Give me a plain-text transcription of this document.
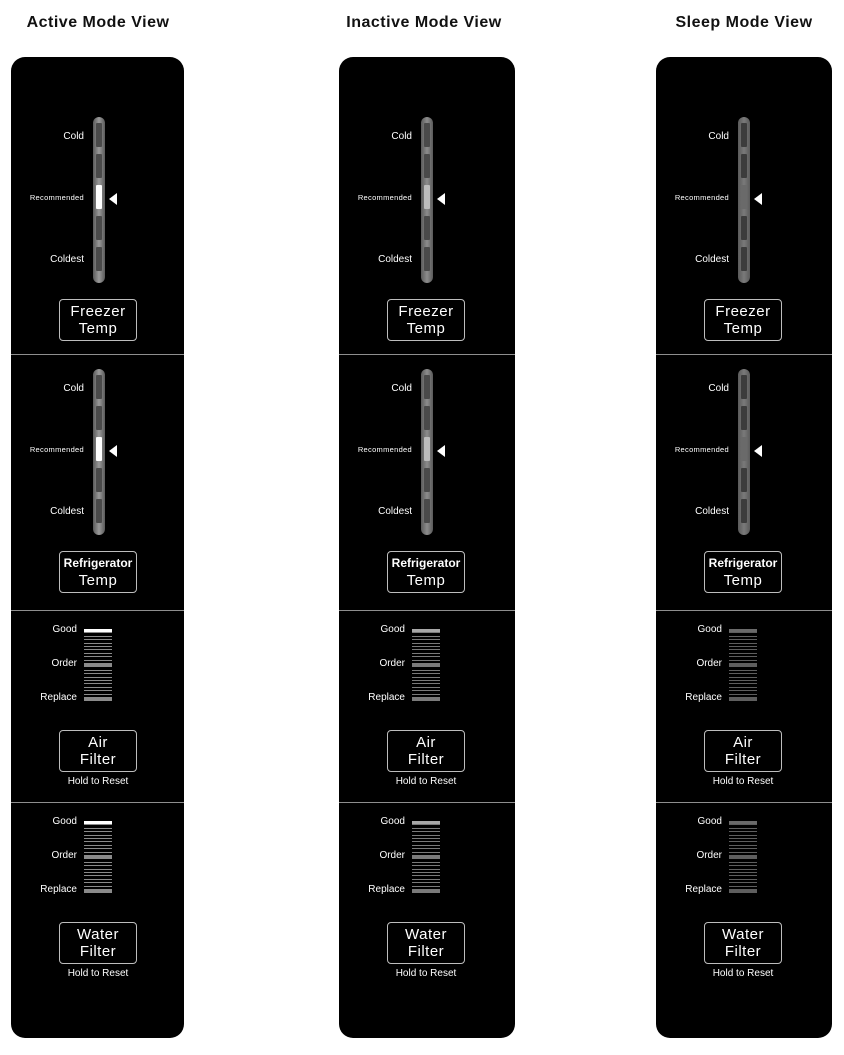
Active Mode View
Cold
Recommended
Coldest
Freezer
Temp
Cold
Recommended
Coldest
Refrigerator
Temp
Good
Order
Replace
Air
Filter
Hold to Reset
Good
Order
Replace
Water
Filter
Hold to Reset
Inactive Mode View
Cold
Recommended
Coldest
Freezer
Temp
Cold
Recommended
Coldest
Refrigerator
Temp
Good
Order
Replace
Air
Filter
Hold to Reset
Good
Order
Replace
Water
Filter
Hold to Reset
Sleep Mode View
Cold
Recommended
Coldest
Freezer
Temp
Cold
Recommended
Coldest
Refrigerator
Temp
Good
Order
Replace
Air
Filter
Hold to Reset
Good
Order
Replace
Water
Filter
Hold to Reset
